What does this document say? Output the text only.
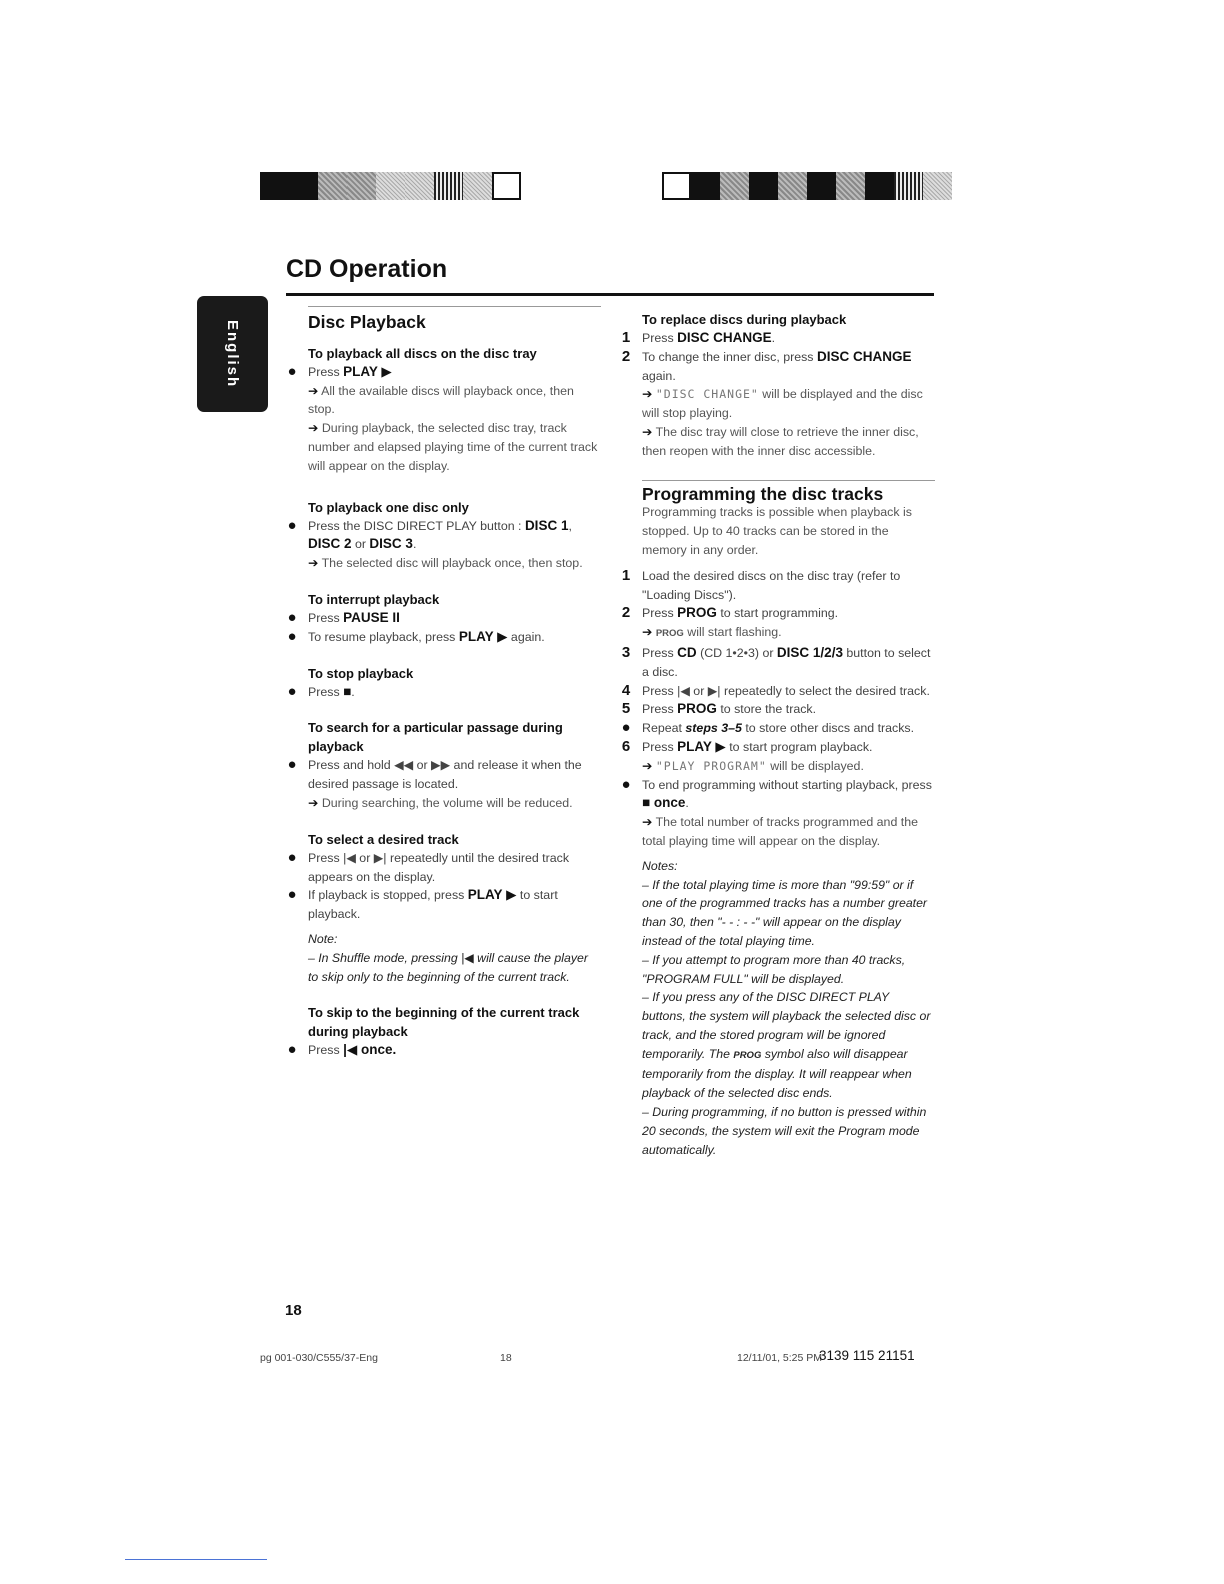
CD Operation
English	Disc Playback
To playback all discs on the disc tray
● Press PLAY ▶
➔ All the available discs will playback once, then stop.
➔ During playback, the selected disc tray, track number and elapsed playing time of the current track will appear on the display.
To playback one disc only
● Press the DISC DIRECT PLAY button : DISC 1, DISC 2 or DISC 3.
➔ The selected disc will playback once, then stop.
To interrupt playback
● Press PAUSE II
● To resume playback, press PLAY ▶ again.
To stop playback
● Press ■.
To search for a particular passage during playback
● Press and hold ◀◀ or ▶▶ and release it when the desired passage is located.
➔ During searching, the volume will be reduced.
To select a desired track
● Press |◀ or ▶| repeatedly until the desired track appears on the display.
● If playback is stopped, press PLAY ▶ to start playback.
Note:
– In Shuffle mode, pressing |◀ will cause the player to skip only to the beginning of the current track.
To skip to the beginning of the current track during playback
● Press |◀ once.
To replace discs during playback
1 Press DISC CHANGE.
2 To change the inner disc, press DISC CHANGE again.
➔ "DISC CHANGE" will be displayed and the disc will stop playing.
➔ The disc tray will close to retrieve the inner disc, then reopen with the inner disc accessible.
Programming the disc tracks
Programming tracks is possible when playback is stopped. Up to 40 tracks can be stored in the memory in any order.
1 Load the desired discs on the disc tray (refer to "Loading Discs").
2 Press PROG to start programming.
➔ PROG will start flashing.
3 Press CD (CD 1•2•3) or DISC 1/2/3 button to select a disc.
4 Press |◀ or ▶| repeatedly to select the desired track.
5 Press PROG to store the track.
● Repeat steps 3–5 to store other discs and tracks.
6 Press PLAY ▶ to start program playback.
➔ "PLAY PROGRAM" will be displayed.
● To end programming without starting playback, press ■ once.
➔ The total number of tracks programmed and the total playing time will appear on the display.
Notes:
– If the total playing time is more than "99:59" or if one of the programmed tracks has a number greater than 30, then "- - : - -" will appear on the display instead of the total playing time.
– If you attempt to program more than 40 tracks, "PROGRAM FULL" will be displayed.
– If you press any of the DISC DIRECT PLAY buttons, the system will playback the selected disc or track, and the stored program will be ignored temporarily. The PROG symbol also will disappear temporarily from the display. It will reappear when playback of the selected disc ends.
– During programming, if no button is pressed within 20 seconds, the system will exit the Program mode automatically.
18
pg 001-030/C555/37-Eng	18	12/11/01, 5:25 PM
3139 115 21151
